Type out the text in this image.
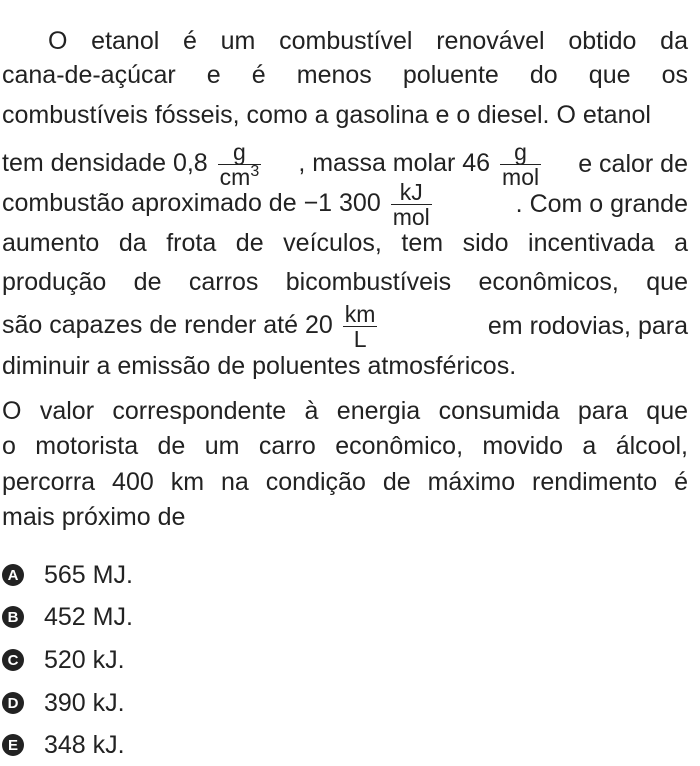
O etanol é um combustível renovável obtido da
cana-de-açúcar e é menos poluente do que os
combustíveis fósseis, como a gasolina e o diesel. O etanol
tem densidade $0,8 \frac{g}{cm^3}$ , massa molar $46 \frac{g}{\text{mol}}$ e calor de
combustão aproximado de −1 $300 \frac{kJ}{\text{mol}}$	. Com o grande
aumento da frota de veículos, tem sido incentivada a
produção de carros bicombustíveis econômicos, que
são capazes de render até $20 \frac{km}{L}$	em rodovias, para
diminuir a emissão de poluentes atmosféricos.
O valor correspondente à energia consumida para que
o motorista de um carro econômico, movido a álcool,
percorra 400 km na condição de máximo rendimento é
mais próximo de
A 565 MJ.
B 452 MJ.
C 520 kJ.
D 390 kJ.
E 348 kJ.
